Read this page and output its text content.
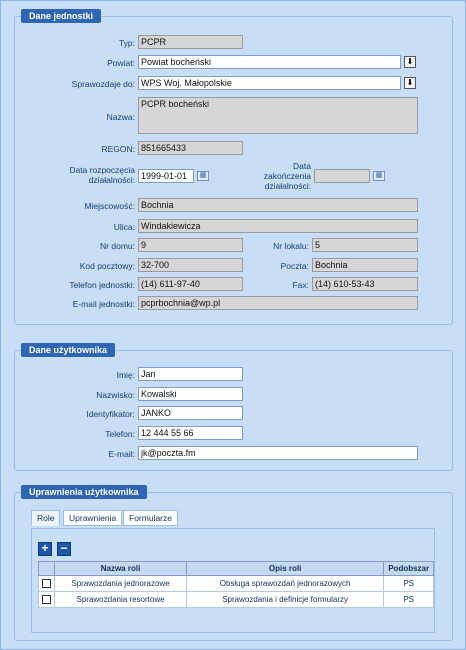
Dane jednostki
Typ: PCPR
Powiat: Powiat bocheński	⬇
Sprawozdaje do: WPS Woj. Małopolskie	⬇
Nazwa:
PCPR bocheński
REGON: 851665433
Data rozpoczęcia działalności: 1999-01-01	▦
Data zakończenia działalności:
▦
Miejscowość: Bochnia
Ulica: Windakiewicza
Nr domu: 9	Nr lokalu: 5
Kod pocztowy: 32-700	Poczta: Bochnia
Telefon jednostki: (14) 611-97-40	Fax: (14) 610-53-43
E-mail jednostki: pcprbochnia@wp.pl
Dane użytkownika
Imię: Jan
Nazwisko: Kowalski
Identyfikator: JANKO
Telefon: 12 444 55 66
E-mail: jk@poczta.fm
Uprawnienia użytkownika
Role	Uprawnienia	Formularze
+ −
	Nazwa roli	Opis roli	Podobszar
	Sprawozdania jednorazowe	Obsługa sprawozdań jednorazowych	PS
	Sprawozdania resortowe	Sprawozdania i definicje formularzy	PS
